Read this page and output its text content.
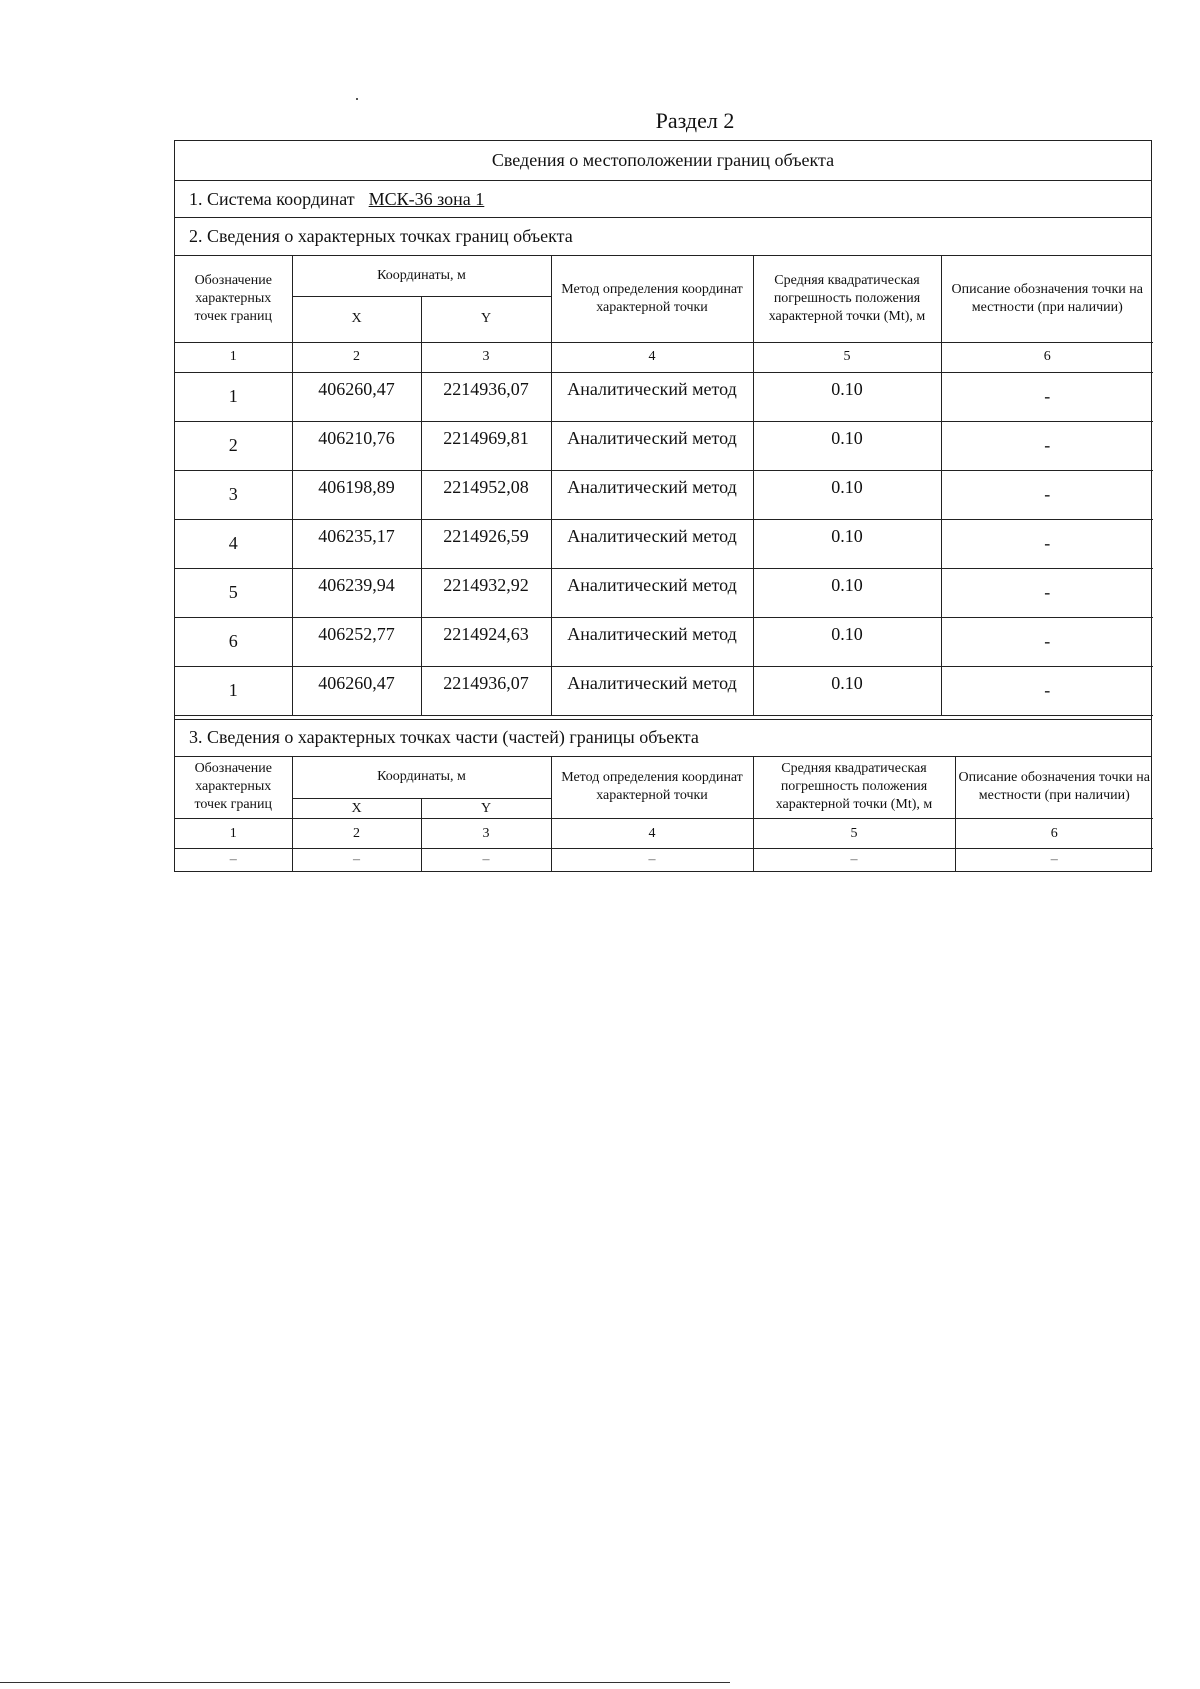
Раздел 2
Сведения о местоположении границ объекта
1. Система координат МСК-36 зона 1
2. Сведения о характерных точках границ объекта
Обозначение характерных точек границ	Координаты, м		Метод определения координат характерной точки	Средняя квадратическая погрешность положения характерной точки (Mt), м	Описание обозначения точки на местности (при наличии)
	X	Y			
1	2	3	4	5	6
1	406260,47	2214936,07	Аналитический метод	0.10	-
2	406210,76	2214969,81	Аналитический метод	0.10	-
3	406198,89	2214952,08	Аналитический метод	0.10	-
4	406235,17	2214926,59	Аналитический метод	0.10	-
5	406239,94	2214932,92	Аналитический метод	0.10	-
6	406252,77	2214924,63	Аналитический метод	0.10	-
1	406260,47	2214936,07	Аналитический метод	0.10	-
3. Сведения о характерных точках части (частей) границы объекта
Обозначение характерных точек границ	Координаты, м		Метод определения координат характерной точки	Средняя квадратическая погрешность положения характерной точки (Mt), м	Описание обозначения точки на местности (при наличии)
	X	Y			
1	2	3	4	5	6
–	–	–	–	–	–
